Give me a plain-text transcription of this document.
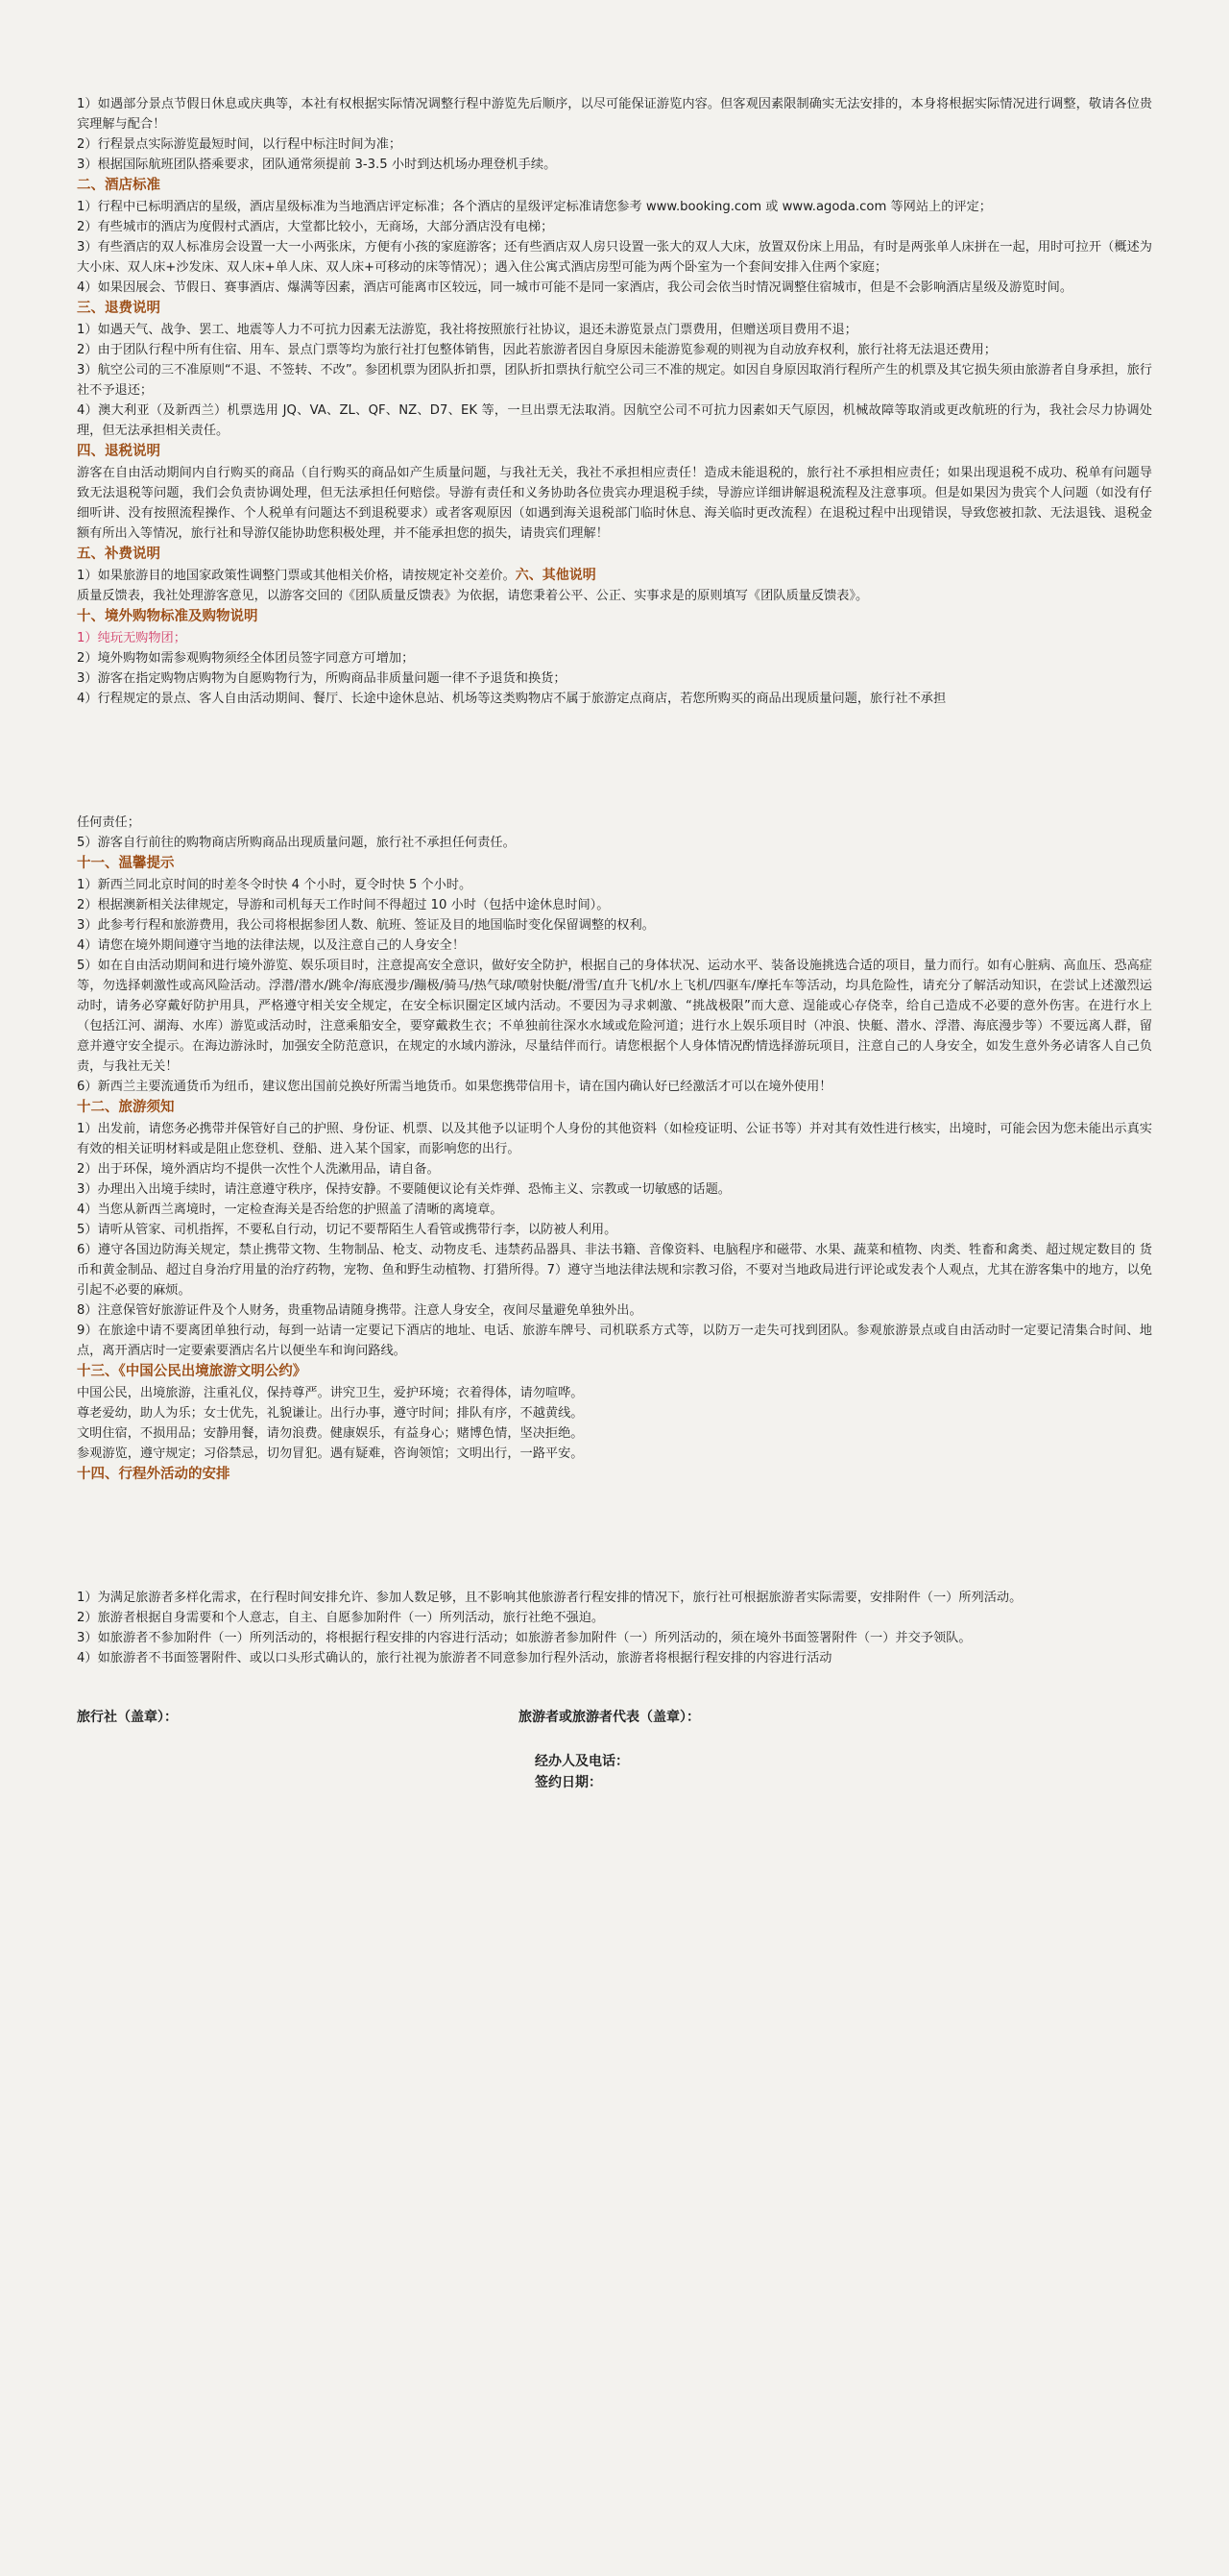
1）如遇部分景点节假日休息或庆典等，本社有权根据实际情况调整行程中游览先后顺序，以尽可能保证游览内容。但客观因素限制确实无法安排的，本身将根据实际情况进行调整，敬请各位贵宾理解与配合！

2）行程景点实际游览最短时间，以行程中标注时间为准；

3）根据国际航班团队搭乘要求，团队通常须提前 3-3.5 小时到达机场办理登机手续。

二、酒店标准

1）行程中已标明酒店的星级，酒店星级标准为当地酒店评定标准；各个酒店的星级评定标准请您参考 www.booking.com 或 www.agoda.com 等网站上的评定；

2）有些城市的酒店为度假村式酒店，大堂都比较小，无商场，大部分酒店没有电梯；

3）有些酒店的双人标准房会设置一大一小两张床，方便有小孩的家庭游客；还有些酒店双人房只设置一张大的双人大床，放置双份床上用品，有时是两张单人床拼在一起，用时可拉开（概述为大小床、双人床+沙发床、双人床+单人床、双人床+可移动的床等情况）；遇入住公寓式酒店房型可能为两个卧室为一个套间安排入住两个家庭；

4）如果因展会、节假日、赛事酒店、爆满等因素，酒店可能离市区较远，同一城市可能不是同一家酒店，我公司会依当时情况调整住宿城市，但是不会影响酒店星级及游览时间。

三、退费说明

1）如遇天气、战争、罢工、地震等人力不可抗力因素无法游览，我社将按照旅行社协议，退还未游览景点门票费用，但赠送项目费用不退；

2）由于团队行程中所有住宿、用车、景点门票等均为旅行社打包整体销售，因此若旅游者因自身原因未能游览参观的则视为自动放弃权利，旅行社将无法退还费用；

3）航空公司的三不准原则“不退、不签转、不改”。参团机票为团队折扣票，团队折扣票执行航空公司三不准的规定。如因自身原因取消行程所产生的机票及其它损失须由旅游者自身承担，旅行社不予退还；

4）澳大利亚（及新西兰）机票选用 JQ、VA、ZL、QF、NZ、D7、EK 等，一旦出票无法取消。因航空公司不可抗力因素如天气原因，机械故障等取消或更改航班的行为，我社会尽力协调处理，但无法承担相关责任。

四、退税说明

游客在自由活动期间内自行购买的商品（自行购买的商品如产生质量问题，与我社无关，我社不承担相应责任！造成未能退税的，旅行社不承担相应责任；如果出现退税不成功、税单有问题导致无法退税等问题，我们会负责协调处理，但无法承担任何赔偿。导游有责任和义务协助各位贵宾办理退税手续，导游应详细讲解退税流程及注意事项。但是如果因为贵宾个人问题（如没有仔细听讲、没有按照流程操作、个人税单有问题达不到退税要求）或者客观原因（如遇到海关退税部门临时休息、海关临时更改流程）在退税过程中出现错误，导致您被扣款、无法退钱、退税金额有所出入等情况，旅行社和导游仅能协助您积极处理，并不能承担您的损失，请贵宾们理解！

五、补费说明

1）如果旅游目的地国家政策性调整门票或其他相关价格，请按规定补交差价。六、其他说明

质量反馈表，我社处理游客意见，以游客交回的《团队质量反馈表》为依据，请您秉着公平、公正、实事求是的原则填写《团队质量反馈表》。

十、境外购物标准及购物说明

1）纯玩无购物团；

2）境外购物如需参观购物须经全体团员签字同意方可增加；

3）游客在指定购物店购物为自愿购物行为，所购商品非质量问题一律不予退货和换货；

4）行程规定的景点、客人自由活动期间、餐厅、长途中途休息站、机场等这类购物店不属于旅游定点商店，若您所购买的商品出现质量问题，旅行社不承担

任何责任；

5）游客自行前往的购物商店所购商品出现质量问题，旅行社不承担任何责任。

十一、温馨提示

1）新西兰同北京时间的时差冬令时快 4 个小时，夏令时快 5 个小时。

2）根据澳新相关法律规定，导游和司机每天工作时间不得超过 10 小时（包括中途休息时间）。

3）此参考行程和旅游费用，我公司将根据参团人数、航班、签证及目的地国临时变化保留调整的权利。

4）请您在境外期间遵守当地的法律法规，以及注意自己的人身安全！

5）如在自由活动期间和进行境外游览、娱乐项目时，注意提高安全意识，做好安全防护，根据自己的身体状况、运动水平、装备设施挑选合适的项目，量力而行。如有心脏病、高血压、恐高症等，勿选择刺激性或高风险活动。浮潜/潜水/跳伞/海底漫步/蹦极/骑马/热气球/喷射快艇/滑雪/直升飞机/水上飞机/四驱车/摩托车等活动，均具危险性，请充分了解活动知识，在尝试上述激烈运动时，请务必穿戴好防护用具，严格遵守相关安全规定，在安全标识圈定区域内活动。不要因为寻求刺激、“挑战极限”而大意、逞能或心存侥幸，给自己造成不必要的意外伤害。在进行水上（包括江河、湖海、水库）游览或活动时，注意乘船安全，要穿戴救生衣；不单独前往深水水域或危险河道；进行水上娱乐项目时（冲浪、快艇、潜水、浮潜、海底漫步等）不要远离人群，留意并遵守安全提示。在海边游泳时，加强安全防范意识，在规定的水域内游泳，尽量结伴而行。请您根据个人身体情况酌情选择游玩项目，注意自己的人身安全，如发生意外务必请客人自己负责，与我社无关！

6）新西兰主要流通货币为纽币，建议您出国前兑换好所需当地货币。如果您携带信用卡，请在国内确认好已经激活才可以在境外使用！

十二、旅游须知

1）出发前，请您务必携带并保管好自己的护照、身份证、机票、以及其他予以证明个人身份的其他资料（如检疫证明、公证书等）并对其有效性进行核实，出境时，可能会因为您未能出示真实有效的相关证明材料或是阻止您登机、登船、进入某个国家，而影响您的出行。

2）出于环保，境外酒店均不提供一次性个人洗漱用品，请自备。

3）办理出入出境手续时，请注意遵守秩序，保持安静。不要随便议论有关炸弹、恐怖主义、宗教或一切敏感的话题。

4）当您从新西兰离境时，一定检查海关是否给您的护照盖了清晰的离境章。

5）请听从管家、司机指挥，不要私自行动，切记不要帮陌生人看管或携带行李，以防被人利用。

6）遵守各国边防海关规定，禁止携带文物、生物制品、枪支、动物皮毛、违禁药品器具、非法书籍、音像资料、电脑程序和磁带、水果、蔬菜和植物、肉类、牲畜和禽类、超过规定数目的 货币和黄金制品、超过自身治疗用量的治疗药物，宠物、鱼和野生动植物、打猎所得。7）遵守当地法律法规和宗教习俗，不要对当地政局进行评论或发表个人观点，尤其在游客集中的地方，以免引起不必要的麻烦。

8）注意保管好旅游证件及个人财务，贵重物品请随身携带。注意人身安全，夜间尽量避免单独外出。

9）在旅途中请不要离团单独行动，每到一站请一定要记下酒店的地址、电话、旅游车牌号、司机联系方式等，以防万一走失可找到团队。参观旅游景点或自由活动时一定要记清集合时间、地点，离开酒店时一定要索要酒店名片以便坐车和询问路线。

十三、《中国公民出境旅游文明公约》

中国公民，出境旅游，注重礼仪，保持尊严。讲究卫生，爱护环境；衣着得体，请勿喧哗。

尊老爱幼，助人为乐；女士优先，礼貌谦让。出行办事，遵守时间；排队有序，不越黄线。

文明住宿，不损用品；安静用餐，请勿浪费。健康娱乐，有益身心；赌博色情，坚决拒绝。

参观游览，遵守规定；习俗禁忌，切勿冒犯。遇有疑难，咨询领馆；文明出行，一路平安。

十四、行程外活动的安排

1）为满足旅游者多样化需求，在行程时间安排允许、参加人数足够，且不影响其他旅游者行程安排的情况下，旅行社可根据旅游者实际需要，安排附件（一）所列活动。

2）旅游者根据自身需要和个人意志，自主、自愿参加附件（一）所列活动，旅行社绝不强迫。

3）如旅游者不参加附件（一）所列活动的，将根据行程安排的内容进行活动；如旅游者参加附件（一）所列活动的，须在境外书面签署附件（一）并交予领队。

4）如旅游者不书面签署附件、或以口头形式确认的，旅行社视为旅游者不同意参加行程外活动，旅游者将根据行程安排的内容进行活动

旅行社（盖章）：	旅游者或旅游者代表（盖章）：
经办人及电话：
签约日期：
